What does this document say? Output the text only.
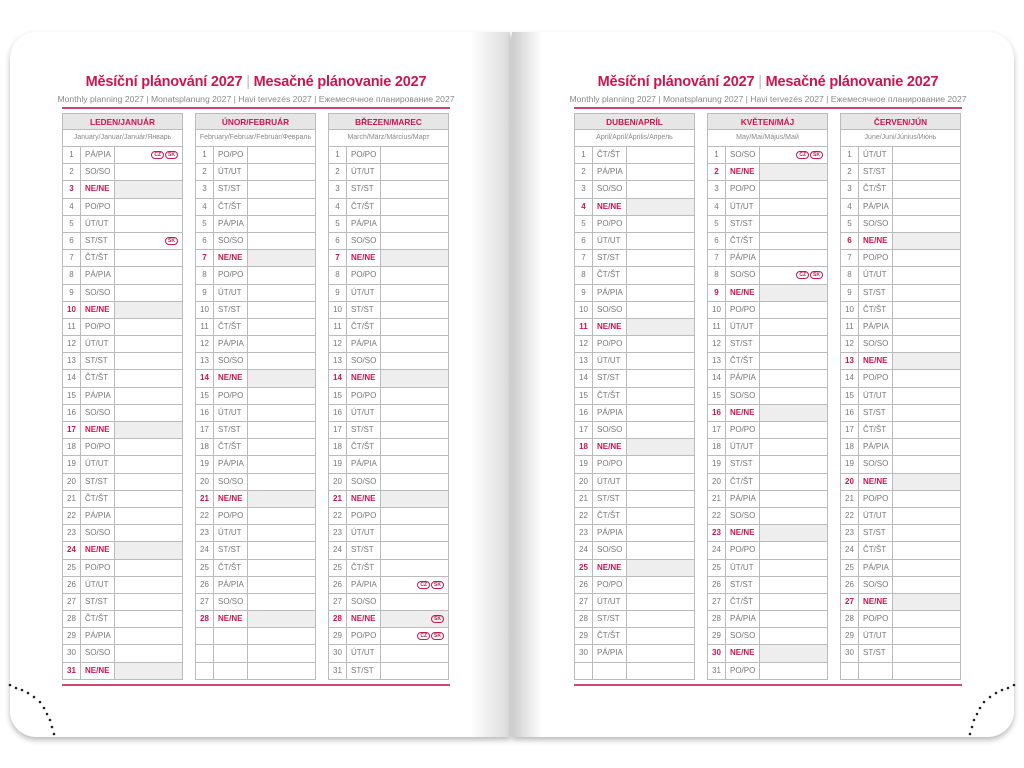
Měsíční plánování 2027 | Mesačné plánovanie 2027
Monthly planning 2027 | Monatsplanung 2027 | Havi tervezés 2027 | Ежемесячное планирование 2027
Měsíční plánování 2027 | Mesačné plánovanie 2027
Monthly planning 2027 | Monatsplanung 2027 | Havi tervezés 2027 | Ежемесячное планирование 2027
LEDEN/JANUÁR
January/Januar/Január/Январь
1	PÁ/PIA	CZ	SK
2	SO/SO
3	NE/NE
4	PO/PO
5	ÚT/UT
6	ST/ST	SK
7	ČT/ŠT
8	PÁ/PIA
9	SO/SO
10	NE/NE
11	PO/PO
12	ÚT/UT
13	ST/ST
14	ČT/ŠT
15	PÁ/PIA
16	SO/SO
17	NE/NE
18	PO/PO
19	ÚT/UT
20	ST/ST
21	ČT/ŠT
22	PÁ/PIA
23	SO/SO
24	NE/NE
25	PO/PO
26	ÚT/UT
27	ST/ST
28	ČT/ŠT
29	PÁ/PIA
30	SO/SO
31	NE/NE
ÚNOR/FEBRUÁR
February/Februar/Február/Февраль
1	PO/PO
2	ÚT/UT
3	ST/ST
4	ČT/ŠT
5	PÁ/PIA
6	SO/SO
7	NE/NE
8	PO/PO
9	ÚT/UT
10	ST/ST
11	ČT/ŠT
12	PÁ/PIA
13	SO/SO
14	NE/NE
15	PO/PO
16	ÚT/UT
17	ST/ST
18	ČT/ŠT
19	PÁ/PIA
20	SO/SO
21	NE/NE
22	PO/PO
23	ÚT/UT
24	ST/ST
25	ČT/ŠT
26	PÁ/PIA
27	SO/SO
28	NE/NE
BŘEZEN/MAREC
March/März/Március/Март
1	PO/PO
2	ÚT/UT
3	ST/ST
4	ČT/ŠT
5	PÁ/PIA
6	SO/SO
7	NE/NE
8	PO/PO
9	ÚT/UT
10	ST/ST
11	ČT/ŠT
12	PÁ/PIA
13	SO/SO
14	NE/NE
15	PO/PO
16	ÚT/UT
17	ST/ST
18	ČT/ŠT
19	PÁ/PIA
20	SO/SO
21	NE/NE
22	PO/PO
23	ÚT/UT
24	ST/ST
25	ČT/ŠT
26	PÁ/PIA	CZ	SK
27	SO/SO
28	NE/NE	SK
29	PO/PO	CZ	SK
30	ÚT/UT
31	ST/ST
DUBEN/APRÍL
April/April/Április/Апрель
1	ČT/ŠT
2	PÁ/PIA
3	SO/SO
4	NE/NE
5	PO/PO
6	ÚT/UT
7	ST/ST
8	ČT/ŠT
9	PÁ/PIA
10	SO/SO
11	NE/NE
12	PO/PO
13	ÚT/UT
14	ST/ST
15	ČT/ŠT
16	PÁ/PIA
17	SO/SO
18	NE/NE
19	PO/PO
20	ÚT/UT
21	ST/ST
22	ČT/ŠT
23	PÁ/PIA
24	SO/SO
25	NE/NE
26	PO/PO
27	ÚT/UT
28	ST/ST
29	ČT/ŠT
30	PÁ/PIA
KVĚTEN/MÁJ
May/Mai/Május/Май
1	SO/SO	CZ	SK
2	NE/NE
3	PO/PO
4	ÚT/UT
5	ST/ST
6	ČT/ŠT
7	PÁ/PIA
8	SO/SO	CZ	SK
9	NE/NE
10	PO/PO
11	ÚT/UT
12	ST/ST
13	ČT/ŠT
14	PÁ/PIA
15	SO/SO
16	NE/NE
17	PO/PO
18	ÚT/UT
19	ST/ST
20	ČT/ŠT
21	PÁ/PIA
22	SO/SO
23	NE/NE
24	PO/PO
25	ÚT/UT
26	ST/ST
27	ČT/ŠT
28	PÁ/PIA
29	SO/SO
30	NE/NE
31	PO/PO
ČERVEN/JÚN
June/Juni/Június/Июнь
1	ÚT/UT
2	ST/ST
3	ČT/ŠT
4	PÁ/PIA
5	SO/SO
6	NE/NE
7	PO/PO
8	ÚT/UT
9	ST/ST
10	ČT/ŠT
11	PÁ/PIA
12	SO/SO
13	NE/NE
14	PO/PO
15	ÚT/UT
16	ST/ST
17	ČT/ŠT
18	PÁ/PIA
19	SO/SO
20	NE/NE
21	PO/PO
22	ÚT/UT
23	ST/ST
24	ČT/ŠT
25	PÁ/PIA
26	SO/SO
27	NE/NE
28	PO/PO
29	ÚT/UT
30	ST/ST
